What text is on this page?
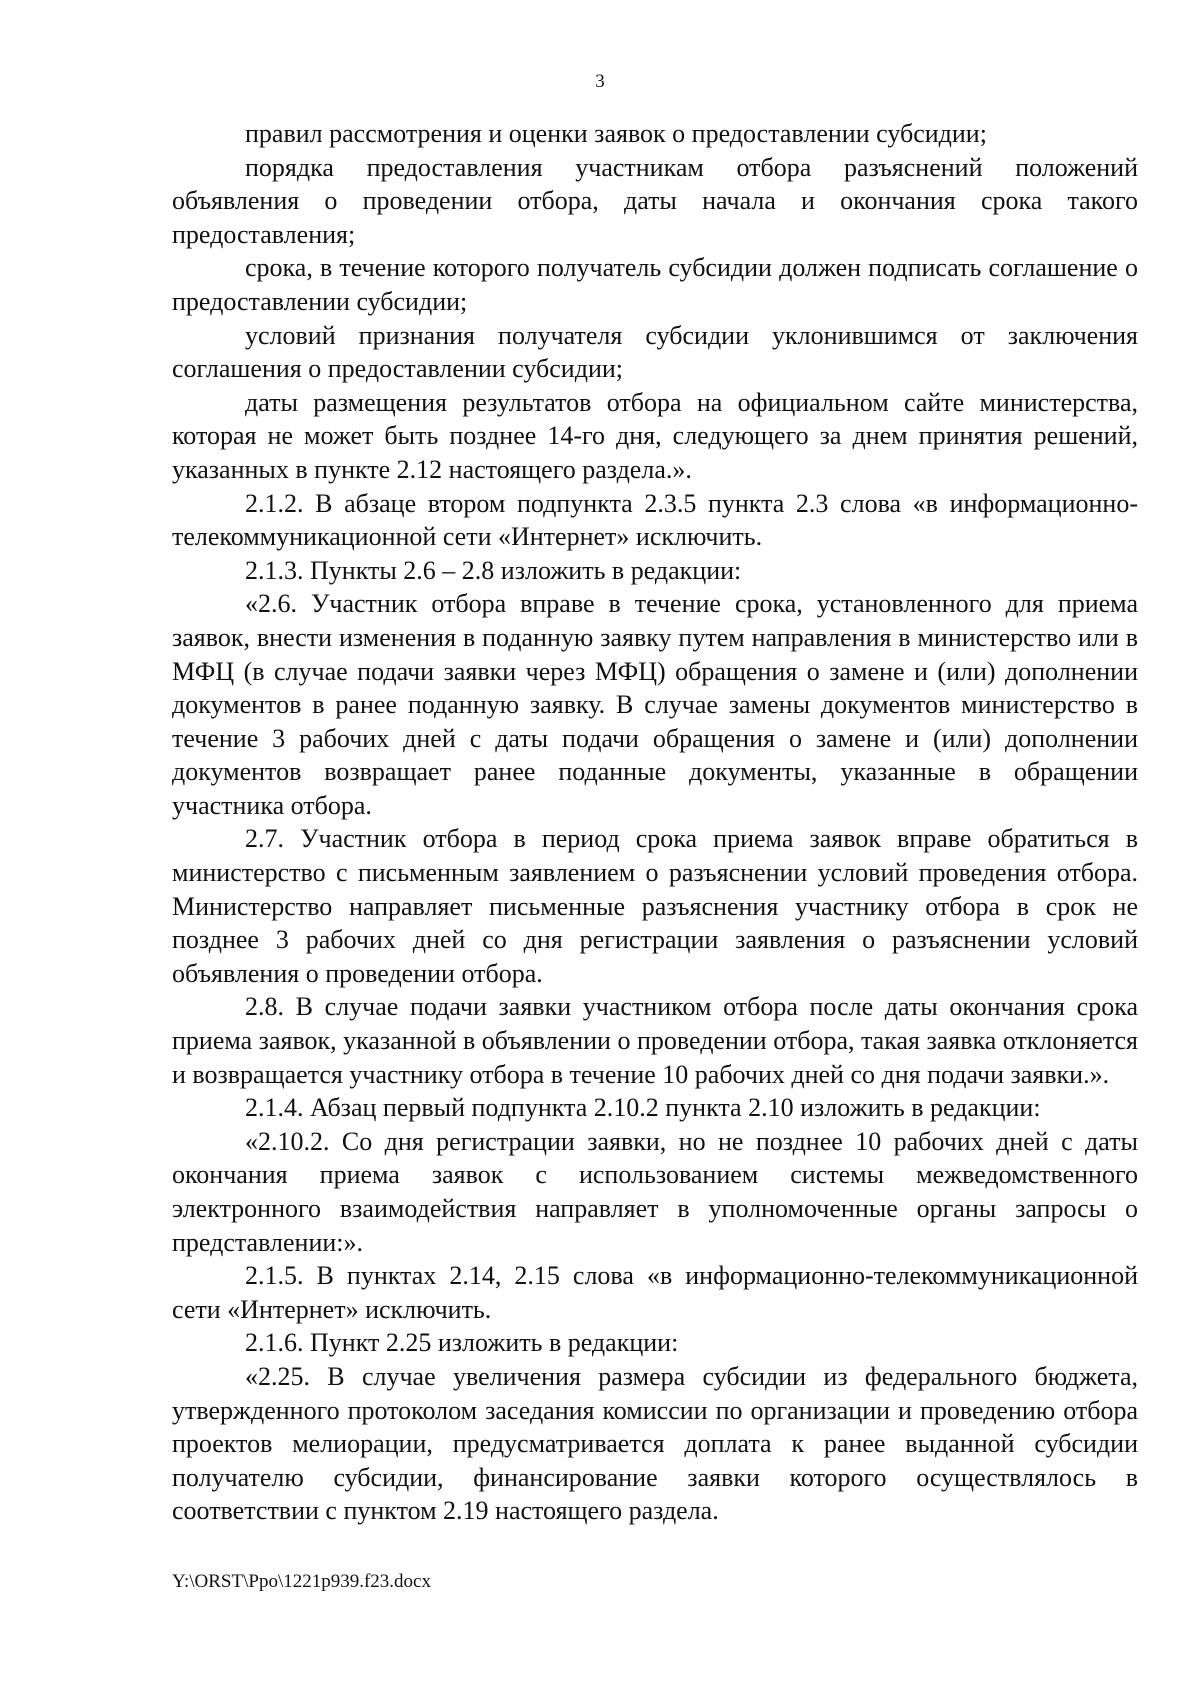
3

правил рассмотрения и оценки заявок о предоставлении субсидии;

порядка предоставления участникам отбора разъяснений положений объявления о проведении отбора, даты начала и окончания срока такого предоставления;

срока, в течение которого получатель субсидии должен подписать соглашение о предоставлении субсидии;

условий признания получателя субсидии уклонившимся от заключения соглашения о предоставлении субсидии;

даты размещения результатов отбора на официальном сайте министерства, которая не может быть позднее 14-го дня, следующего за днем принятия решений, указанных в пункте 2.12 настоящего раздела.».

2.1.2. В абзаце втором подпункта 2.3.5 пункта 2.3 слова «в информационно-телекоммуникационной сети «Интернет» исключить.

2.1.3. Пункты 2.6 – 2.8 изложить в редакции:

«2.6. Участник отбора вправе в течение срока, установленного для приема заявок, внести изменения в поданную заявку путем направления в министерство или в МФЦ (в случае подачи заявки через МФЦ) обращения о замене и (или) дополнении документов в ранее поданную заявку. В случае замены документов министерство в течение 3 рабочих дней с даты подачи обращения о замене и (или) дополнении документов возвращает ранее поданные документы, указанные в обращении участника отбора.

2.7. Участник отбора в период срока приема заявок вправе обратиться в министерство с письменным заявлением о разъяснении условий проведения отбора. Министерство направляет письменные разъяснения участнику отбора в срок не позднее 3 рабочих дней со дня регистрации заявления о разъяснении условий объявления о проведении отбора.

2.8. В случае подачи заявки участником отбора после даты окончания срока приема заявок, указанной в объявлении о проведении отбора, такая заявка отклоняется и возвращается участнику отбора в течение 10 рабочих дней со дня подачи заявки.».

2.1.4. Абзац первый подпункта 2.10.2 пункта 2.10 изложить в редакции:

«2.10.2. Со дня регистрации заявки, но не позднее 10 рабочих дней с даты окончания приема заявок с использованием системы межведомственного электронного взаимодействия направляет в уполномоченные органы запросы о представлении:».

2.1.5. В пунктах 2.14, 2.15 слова «в информационно-телекоммуникационной сети «Интернет» исключить.

2.1.6. Пункт 2.25 изложить в редакции:

«2.25. В случае увеличения размера субсидии из федерального бюджета, утвержденного протоколом заседания комиссии по организации и проведению отбора проектов мелиорации, предусматривается доплата к ранее выданной субсидии получателю субсидии, финансирование заявки которого осуществлялось в соответствии с пунктом 2.19 настоящего раздела.

Y:\ORST\Ppo\1221p939.f23.docx
